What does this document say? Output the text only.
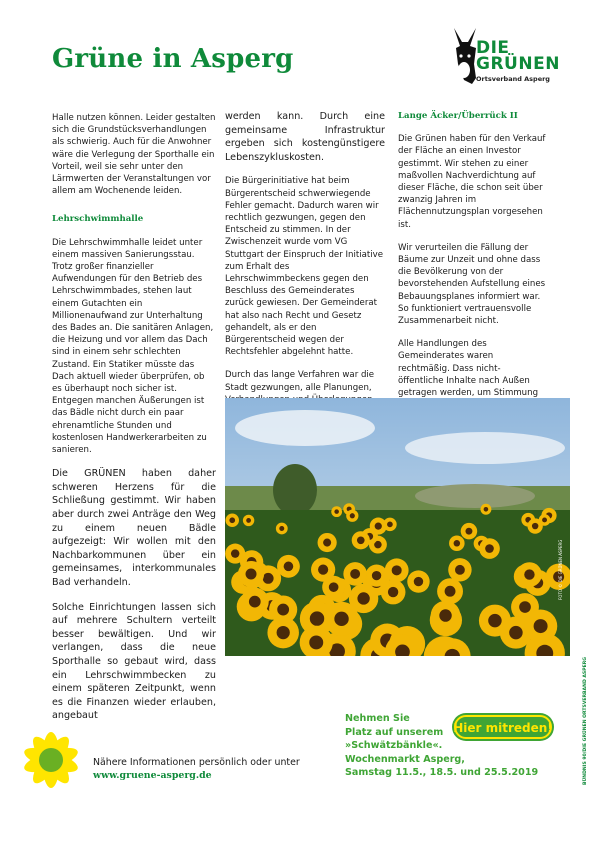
Grüne in Asperg	DIE
GRÜNEN
Ortsverband Asperg

Halle nutzen können. Leider gestalten sich die Grundstücksverhandlungen als schwierig. Auch für die Anwohner wäre die Verlegung der Sporthalle ein Vorteil, weil sie sehr unter den Lärmwerten der Veranstaltungen vor allem am Wochenende leiden.

Lehrschwimmhalle

Die Lehrschwimmhalle leidet unter einem massiven Sanierungsstau. Trotz großer finanzieller Aufwendungen für den Betrieb des Lehrschwimmbades, stehen laut einem Gutachten ein Millionenaufwand zur Unterhaltung des Bades an. Die sanitären Anlagen, die Heizung und vor allem das Dach sind in einem sehr schlechten Zustand. Ein Statiker müsste das Dach aktuell wieder überprüfen, ob es überhaupt noch sicher ist. Entgegen manchen Äußerungen ist das Bädle nicht durch ein paar ehrenamtliche Stunden und kostenlosen Handwerkerarbeiten zu sanieren.

Die GRÜNEN haben daher schweren Herzens für die Schließung gestimmt. Wir haben aber durch zwei Anträge den Weg zu einem neuen Bädle aufgezeigt: Wir wollen mit den Nachbarkommunen über ein gemeinsames, interkommunales Bad verhandeln.

Solche Einrichtungen lassen sich auf mehrere Schultern verteilt besser bewältigen. Und wir verlangen, dass die neue Sporthalle so gebaut wird, dass ein Lehrschwimmbecken zu einem späteren Zeitpunkt, wenn es die Finanzen wieder erlauben, angebaut

werden kann. Durch eine gemeinsame Infrastruktur ergeben sich kostengünstigere Lebenszykluskosten.

Die Bürgerinitiative hat beim Bürgerentscheid schwerwiegende Fehler gemacht. Dadurch waren wir rechtlich gezwungen, gegen den Entscheid zu stimmen. In der Zwischenzeit wurde vom VG Stuttgart der Einspruch der Initiative zum Erhalt des Lehrschwimmbeckens gegen den Beschluss des Gemeinderates zurück gewiesen. Der Gemeinderat hat also nach Recht und Gesetz gehandelt, als er den Bürgerentscheid wegen der Rechtsfehler abgelehnt hatte.

Durch das lange Verfahren war die Stadt gezwungen, alle Planungen,

Lange Äcker/Überrück II

Die Grünen haben für den Verkauf der Fläche an einen Investor gestimmt. Wir stehen zu einer maßvollen Nachverdichtung auf dieser Fläche, die schon seit über zwanzig Jahren im Flächennutzungsplan vorgesehen ist.

Wir verurteilen die Fällung der Bäume zur Unzeit und ohne dass die Bevölkerung von der bevorstehenden Aufstellung eines Bebauungsplanes informiert war. So funktioniert vertrauensvolle Zusammenarbeit nicht.

Alle Handlungen des Gemeinderates waren rechtmäßig. Dass nicht-öffentliche Inhalte nach Außen getragen werden, um Stimmung

FOTO © DIE GRÜNEN ASPERG
BÜNDNIS 90/DIE GRÜNEN ORTSVERBAND ASPERG
Nähere Informationen persönlich oder unter
www.gruene-asperg.de
Nehmen Sie
Platz auf unserem
»Schwätzbänkle«.
Wochenmarkt Asperg,
Samstag 11.5., 18.5. und 25.5.2019
Hier mitreden!
